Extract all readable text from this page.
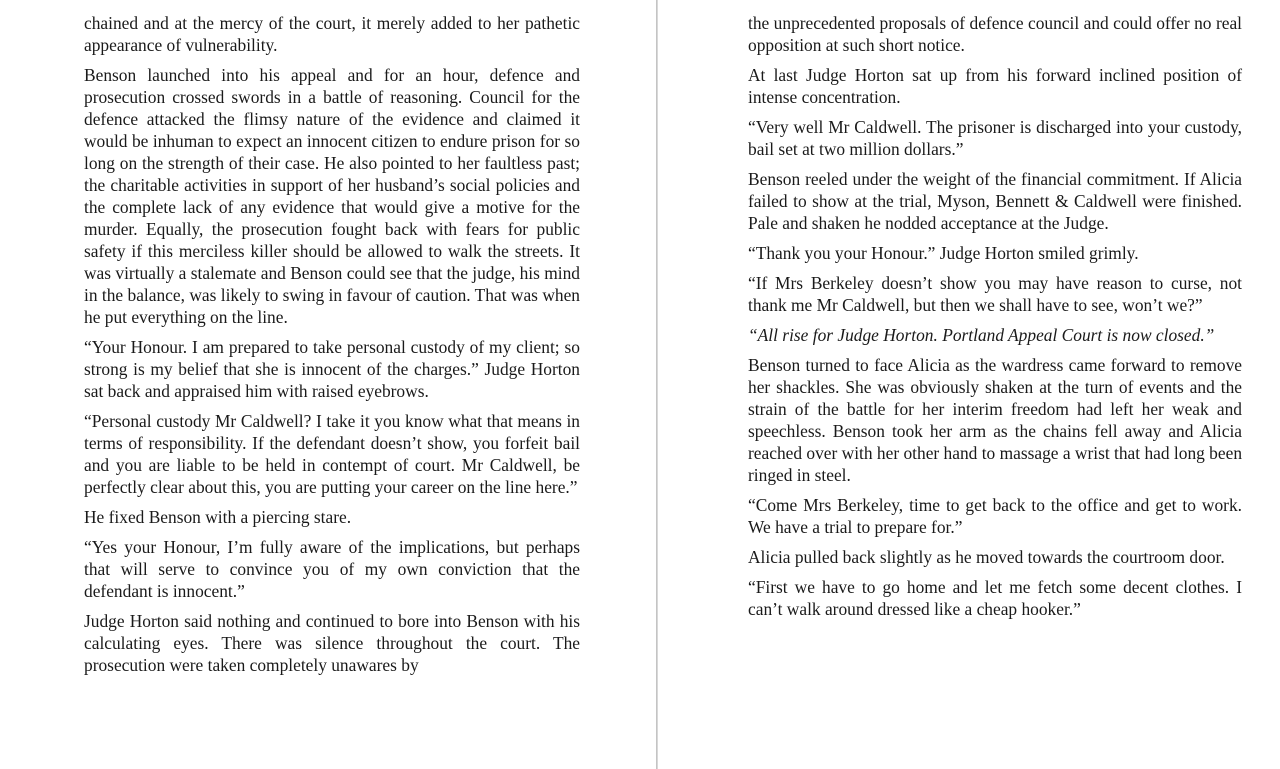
chained and at the mercy of the court, it merely added to her pathetic appearance of vulnerability.

Benson launched into his appeal and for an hour, defence and prosecution crossed swords in a battle of reasoning. Council for the defence attacked the flimsy nature of the evidence and claimed it would be inhuman to expect an innocent citizen to endure prison for so long on the strength of their case. He also pointed to her faultless past; the charitable activities in support of her husband’s social policies and the complete lack of any evidence that would give a motive for the murder. Equally, the prosecution fought back with fears for public safety if this merciless killer should be allowed to walk the streets. It was virtually a stalemate and Benson could see that the judge, his mind in the balance, was likely to swing in favour of caution. That was when he put everything on the line.

“Your Honour. I am prepared to take personal custody of my client; so strong is my belief that she is innocent of the charges.” Judge Horton sat back and appraised him with raised eyebrows.

“Personal custody Mr Caldwell? I take it you know what that means in terms of responsibility. If the defendant doesn’t show, you forfeit bail and you are liable to be held in contempt of court. Mr Caldwell, be perfectly clear about this, you are putting your career on the line here.”

He fixed Benson with a piercing stare.

“Yes your Honour, I’m fully aware of the implications, but perhaps that will serve to convince you of my own conviction that the defendant is innocent.”

Judge Horton said nothing and continued to bore into Benson with his calculating eyes. There was silence throughout the court. The prosecution were taken completely unawares by

the unprecedented proposals of defence council and could offer no real opposition at such short notice.

At last Judge Horton sat up from his forward inclined position of intense concentration.

“Very well Mr Caldwell. The prisoner is discharged into your custody, bail set at two million dollars.”

Benson reeled under the weight of the financial commitment. If Alicia failed to show at the trial, Myson, Bennett & Caldwell were finished. Pale and shaken he nodded acceptance at the Judge.

“Thank you your Honour.” Judge Horton smiled grimly.

“If Mrs Berkeley doesn’t show you may have reason to curse, not thank me Mr Caldwell, but then we shall have to see, won’t we?”

“All rise for Judge Horton. Portland Appeal Court is now closed.”

Benson turned to face Alicia as the wardress came forward to remove her shackles. She was obviously shaken at the turn of events and the strain of the battle for her interim freedom had left her weak and speechless. Benson took her arm as the chains fell away and Alicia reached over with her other hand to massage a wrist that had long been ringed in steel.

“Come Mrs Berkeley, time to get back to the office and get to work. We have a trial to prepare for.”

Alicia pulled back slightly as he moved towards the courtroom door.

“First we have to go home and let me fetch some decent clothes. I can’t walk around dressed like a cheap hooker.”
